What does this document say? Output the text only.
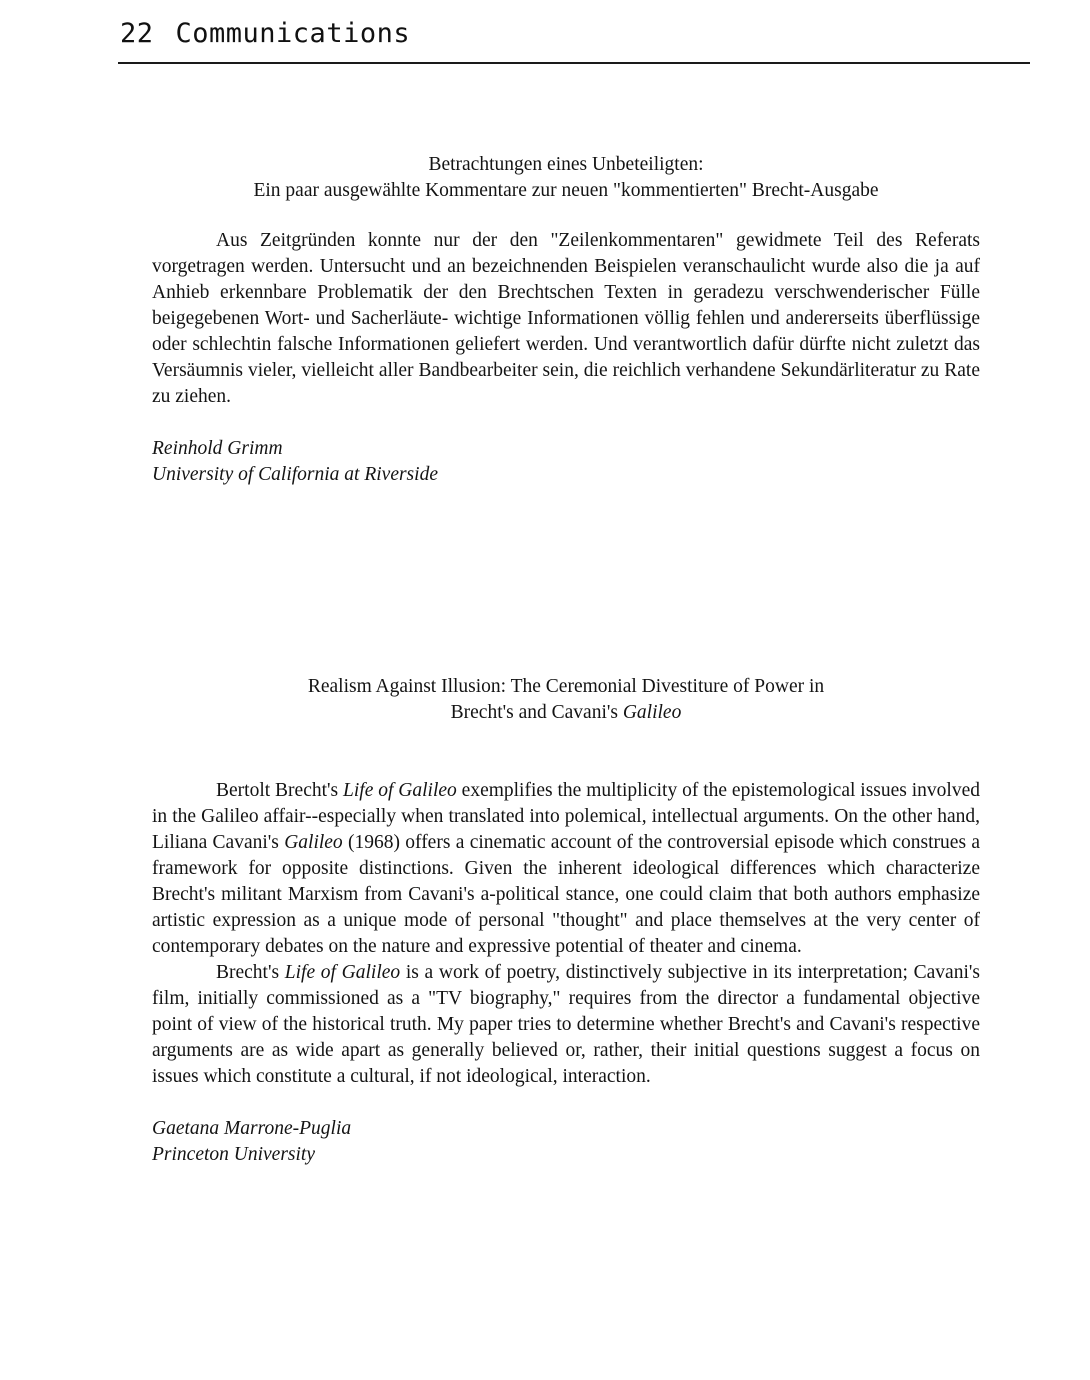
22 Communications
Betrachtungen eines Unbeteiligten:
Ein paar ausgewählte Kommentare zur neuen "kommentierten" Brecht-Ausgabe

Aus Zeitgründen konnte nur der den "Zeilenkommentaren" gewidmete Teil des Referats vorgetragen werden. Untersucht und an bezeichnenden Beispielen veranschaulicht wurde also die ja auf Anhieb erkennbare Problematik der den Brechtschen Texten in geradezu verschwenderischer Fülle beigegebenen Wort- und Sacherläute- wichtige Informationen völlig fehlen und andererseits überflüssige oder schlechtin falsche Informationen geliefert werden. Und verantwortlich dafür dürfte nicht zuletzt das Versäumnis vieler, vielleicht aller Bandbearbeiter sein, die reichlich verhandene Sekundärliteratur zu Rate zu ziehen.

Reinhold Grimm
University of California at Riverside
Realism Against Illusion: The Ceremonial Divestiture of Power in
Brecht's and Cavani's Galileo

Bertolt Brecht's Life of Galileo exemplifies the multiplicity of the epistemological issues involved in the Galileo affair--especially when translated into polemical, intellectual arguments. On the other hand, Liliana Cavani's Galileo (1968) offers a cinematic account of the controversial episode which construes a framework for opposite distinctions. Given the inherent ideological differences which characterize Brecht's militant Marxism from Cavani's a-political stance, one could claim that both authors emphasize artistic expression as a unique mode of personal "thought" and place themselves at the very center of contemporary debates on the nature and expressive potential of theater and cinema.

Brecht's Life of Galileo is a work of poetry, distinctively subjective in its interpretation; Cavani's film, initially commissioned as a "TV biography," requires from the director a fundamental objective point of view of the historical truth. My paper tries to determine whether Brecht's and Cavani's respective arguments are as wide apart as generally believed or, rather, their initial questions suggest a focus on issues which constitute a cultural, if not ideological, interaction.

Gaetana Marrone-Puglia
Princeton University
